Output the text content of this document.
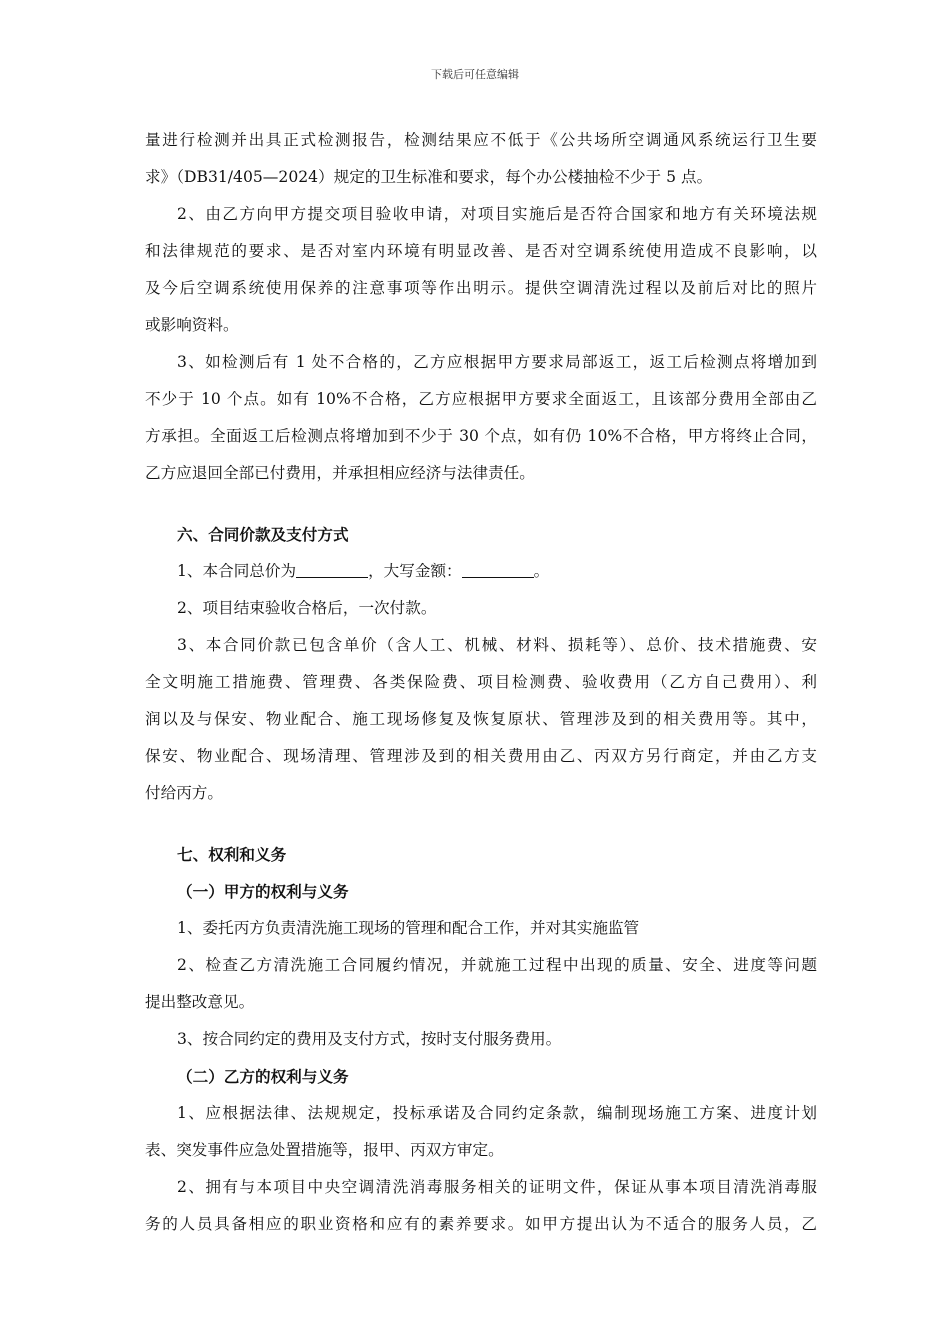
下载后可任意编辑
量进行检测并出具正式检测报告，检测结果应不低于《公共场所空调通风系统运行卫生要
求》（DB31/405—2024）规定的卫生标准和要求，每个办公楼抽检不少于 5 点。
2、由乙方向甲方提交项目验收申请，对项目实施后是否符合国家和地方有关环境法规
和法律规范的要求、是否对室内环境有明显改善、是否对空调系统使用造成不良影响，以
及今后空调系统使用保养的注意事项等作出明示。提供空调清洗过程以及前后对比的照片
或影响资料。
3、如检测后有 1 处不合格的，乙方应根据甲方要求局部返工，返工后检测点将增加到
不少于 10 个点。如有 10%不合格，乙方应根据甲方要求全面返工，且该部分费用全部由乙
方承担。全面返工后检测点将增加到不少于 30 个点，如有仍 10%不合格，甲方将终止合同，
乙方应退回全部已付费用，并承担相应经济与法律责任。
六、合同价款及支付方式
1、本合同总价为	，大写金额：	。
2、项目结束验收合格后，一次付款。
3、本合同价款已包含单价（含人工、机械、材料、损耗等）、总价、技术措施费、安
全文明施工措施费、管理费、各类保险费、项目检测费、验收费用（乙方自己费用）、利
润以及与保安、物业配合、施工现场修复及恢复原状、管理涉及到的相关费用等。其中，
保安、物业配合、现场清理、管理涉及到的相关费用由乙、丙双方另行商定，并由乙方支
付给丙方。
七、权利和义务
（一）甲方的权利与义务
1、委托丙方负责清洗施工现场的管理和配合工作，并对其实施监管
2、检查乙方清洗施工合同履约情况，并就施工过程中出现的质量、安全、进度等问题
提出整改意见。
3、按合同约定的费用及支付方式，按时支付服务费用。
（二）乙方的权利与义务
1、应根据法律、法规规定，投标承诺及合同约定条款，编制现场施工方案、进度计划
表、突发事件应急处置措施等，报甲、丙双方审定。
2、拥有与本项目中央空调清洗消毒服务相关的证明文件，保证从事本项目清洗消毒服
务的人员具备相应的职业资格和应有的素养要求。如甲方提出认为不适合的服务人员，乙
